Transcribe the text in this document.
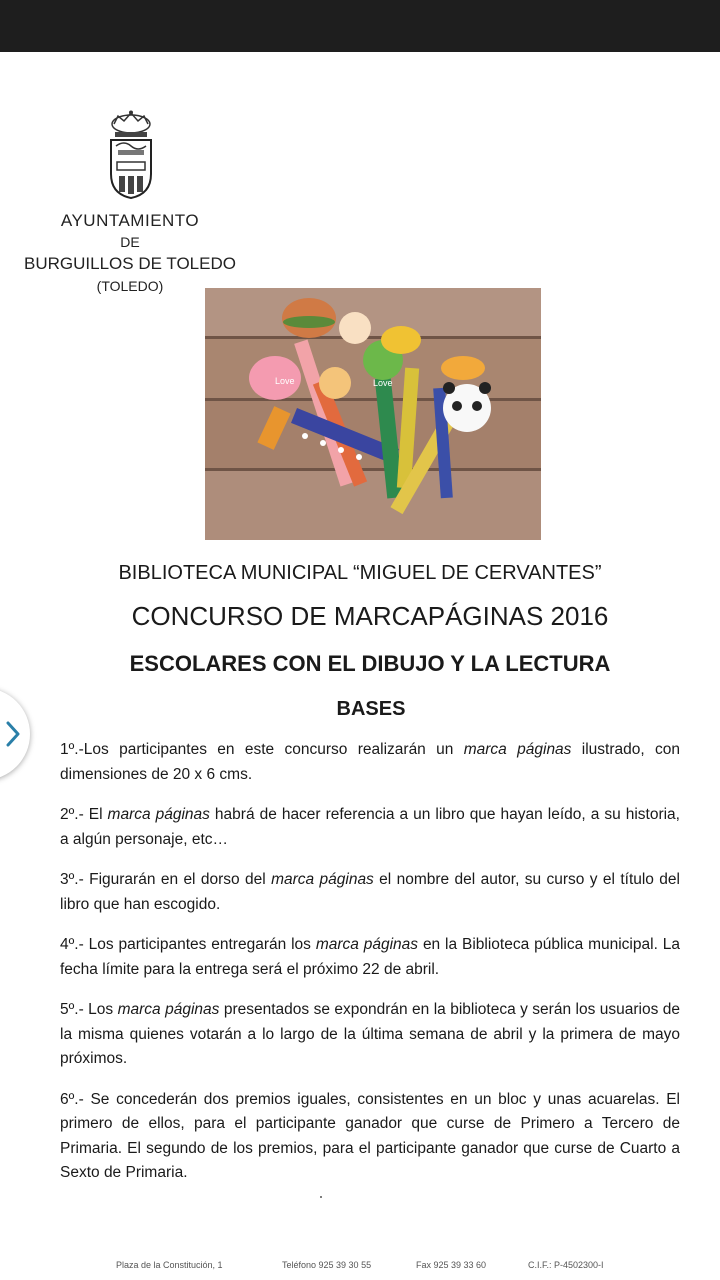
AYUNTAMIENTO
DE
BURGUILLOS DE TOLEDO
(TOLEDO)
Love	Love
BIBLIOTECA MUNICIPAL “MIGUEL DE CERVANTES”
CONCURSO DE MARCAPÁGINAS 2016
ESCOLARES CON EL DIBUJO Y LA LECTURA
BASES

1º.-Los participantes en este concurso realizarán un marca páginas ilustrado, con dimensiones de 20 x 6 cms.

2º.- El marca páginas habrá de hacer referencia a un libro que hayan leído, a su historia, a algún personaje, etc…

3º.- Figurarán en el dorso del marca páginas el nombre del autor, su curso y el título del libro que han escogido.

4º.- Los participantes entregarán los marca páginas en la Biblioteca pública municipal. La fecha límite para la entrega será el próximo 22 de abril.

5º.- Los marca páginas presentados se expondrán en la biblioteca y serán los usuarios de la misma quienes votarán a lo largo de la última semana de abril y la primera de mayo próximos.

6º.- Se concederán dos premios iguales, consistentes en un bloc y unas acuarelas. El primero de ellos, para el participante ganador que curse de Primero a Tercero de Primaria. El segundo de los premios, para el participante ganador que curse de Cuarto a Sexto de Primaria.

Plaza de la Constitución, 1	Teléfono 925 39 30 55	Fax 925 39 33 60	C.I.F.: P-4502300-I
